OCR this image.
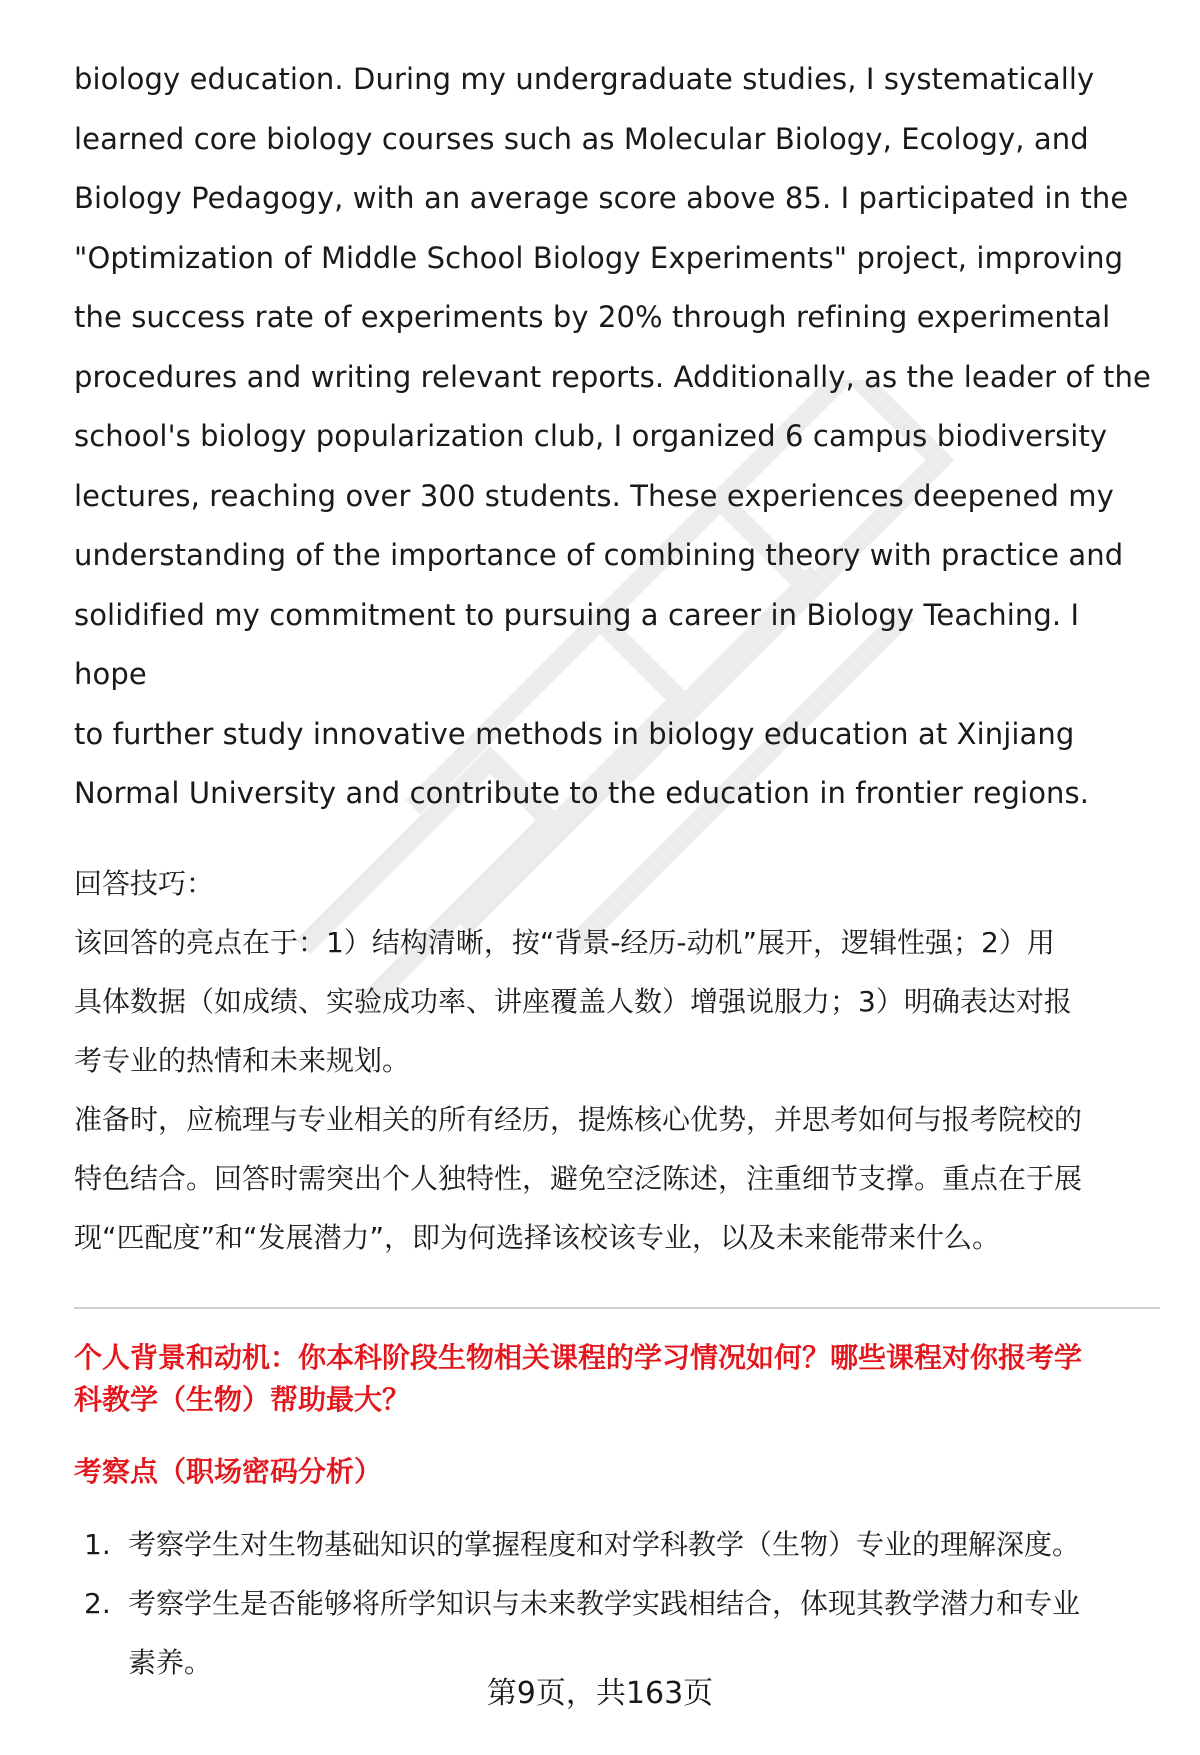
biology education. During my undergraduate studies, I systematically

learned core biology courses such as Molecular Biology, Ecology, and

Biology Pedagogy, with an average score above 85. I participated in the

"Optimization of Middle School Biology Experiments" project, improving

the success rate of experiments by 20% through refining experimental

procedures and writing relevant reports. Additionally, as the leader of the

school's biology popularization club, I organized 6 campus biodiversity

lectures, reaching over 300 students. These experiences deepened my

understanding of the importance of combining theory with practice and

solidified my commitment to pursuing a career in Biology Teaching. I hope

to further study innovative methods in biology education at Xinjiang

Normal University and contribute to the education in frontier regions.

回答技巧：

该回答的亮点在于：1）结构清晰，按“背景-经历-动机”展开，逻辑性强；2）用

具体数据（如成绩、实验成功率、讲座覆盖人数）增强说服力；3）明确表达对报

考专业的热情和未来规划。

准备时，应梳理与专业相关的所有经历，提炼核心优势，并思考如何与报考院校的

特色结合。回答时需突出个人独特性，避免空泛陈述，注重细节支撑。重点在于展

现“匹配度”和“发展潜力”，即为何选择该校该专业，以及未来能带来什么。

个人背景和动机：你本科阶段生物相关课程的学习情况如何？哪些课程对你报考学
科教学（生物）帮助最大？
考察点（职场密码分析）
1. 考察学生对生物基础知识的掌握程度和对学科教学（生物）专业的理解深度。
2. 考察学生是否能够将所学知识与未来教学实践相结合，体现其教学潜力和专业
素养。
第9页，共163页
